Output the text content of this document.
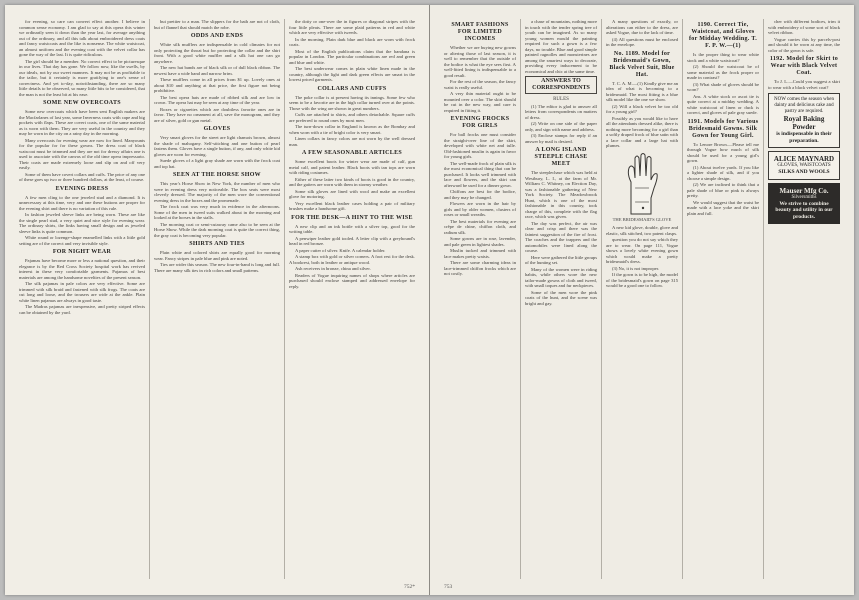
for evening, so care can convert effect another. I believe in common sense economy. I am glad to say at this opera this winter we ordinarily seen it down than the year last, for average anything out of the ordinary, and all this talk about embroidered dress coats and fancy waistcoats and the like is nonsense. The white waistcoat, an almost uniform and the evening coat with the velvet collar has gone the way of the last. It is quite ridiculous.

The girl should be a member. No correct effect to be picturesque in our lives. That day has gone. We follow now, like the swells, by our ideals, not by our sweet manners. It may not be as profitable to the tailor, but it certainly is more gratifying to one's sense of correctness. And yet to-day, notwithstanding, there are so many little details to be observed, so many little bits to be considered, that the man is not the least bit at his ease.

SOME NEW OVERCOATS

Some new overcoats which have been sent English makers are the Macfarlanes of last year, some Inverness coats with cape and big pockets with flaps. These are covert coats, one of the same material as is worn with them. They are very useful in the country and they may be worn in the city on a rainy day in the morning.

Many overcoats for evening wear are now for lined. Manyounts for the popular for for these gowns. The dress coat of black waiscoat must be trimmed and they are not for dressy affairs one is used to associate with the canvas of the old time opera impressario. Their coats are made extremely loose and slip on and off very easily.

Some of them have covert collars and cuffs. The price of any one of these goes up two or three hundred dollars, at the least, of course.

EVENING DRESS

A few men cling to the one jeweled stud and a diamond. It is unnecessary at this time, very and one these buttons are proper for the evening shirt and there is no variation of this rule.

In fashion jeweled sleeve links are being worn. These are like the single pearl stud, a very quiet and nice style for evening wear. The ordinary shirts, the links having small design and as jeweled sleeve links is quite common.

White round or lozenge-shape enamelled links with a little gold setting are of the correct and very invisible style.

FOR NIGHT WEAR

Pajamas have become more or less a national question, and their elegance is by the Red Cross Society hospital work has revived interest in these very comfortable garments. Pajamas of best materials are among the handsome novelties of the present season.

The silk pajamas in pale colors are very effective. Some are trimmed with silk braid and fastened with silk frogs. The coats are cut long and loose, and the trousers are wide at the ankle. Plain white linen pajamas are always in good taste.

The Madras pajamas are inexpensive, and pretty striped effects can be obtained by the yard.

but prettier to a man. The slippers for the bath are not of cloth, but of flannel that should match the robe.

ODDS AND ENDS

White silk mufflers are indispensable in cold climates for not only protecting the throat but for protecting the collar and the shirt front. With a good white muffler and a silk hat one can go anywhere.

The new hat bands are of black silk or of dull black ribbon. The newest have a wide band and narrow brim.

These mufflers come in all prices from $1 up. Lovely ones at about $10 and anything at that price, the first figure not being prohibitive.

The best opera hats are made of ribbed silk and are low in crown. The opera hat may be seen at any time of the year.

Boxes or cigarettes which are doubtless favorite ones are in favor. They have no ornament at all, save the monogram, and they are of silver, gold or gun metal.

GLOVES

Very smart gloves for the street are light chamois brown, almost the shade of mahogany. Self-stitching and one button of pearl fastens them. Gloves have a single button, if any, and only white kid gloves are worn for evening.

Suede gloves of a light gray shade are worn with the frock coat and top hat.

SEEN AT THE HORSE SHOW

This year's Horse Show in New York, the number of men who were in evening dress very noticeable. The box seats were most cleverly dressed. The majority of the men wore the conventional evening dress in the boxes and the promenade.

The frock coat was very much in evidence in the afternoons. Some of the men in tweed suits walked about in the morning and looked at the horses in the stalls.

The morning coat or semi-cutaway came also to be seen at the Horse Show. While the dark morning coat is quite the correct thing, the gray coat is becoming very popular.

SHIRTS AND TIES

Plain white and colored shirts are equally good for morning wear. Fancy stripes in pale blue and pink are noted.

Ties are wider this season. The new four-in-hand is long and full. There are many silk ties in rich colors and small patterns.

the dotty or one-over the in figures or diagonal stripes with the four little pleats. There are some plaid patterns in red and white which are very effective with tweeds.

In the morning. Plain dark blue and black are worn with frock coats.

Most of the English publications claim that the bandana is popular in London. The particular combinations are red and green and blue and white.

The best underwear comes in plain white linen made in the country, although the light and dark green effects are smart in the lowest priced garments.

COLLARS AND CUFFS

The poke collar is at present having its innings. Some few who seem to be a favorite are in the high collar turned over at the points. Those with the wing are shown in great numbers.

Cuffs are attached to shirts, and others detachable. Square cuffs are preferred to round ones by most men.

The turn-down collar in England is known as the Bombay and when worn with a tie of bright color is very smart.

Linen collars in fancy colors are not worn by the well dressed man.

A FEW SEASONABLE ARTICLES

Some excellent boots for winter wear are made of calf, gun metal calf, and patent leather. Black boots with tan tops are worn with riding costumes.

Either of these latter two kinds of boots is good in the country, and the gaiters are worn with them in stormy weather.

Some silk gloves are lined with wool and make an excellent glove for motoring.

Very excellent black leather cases holding a pair of military brushes make a handsome gift.

FOR THE DESK—A HINT TO THE WISE

A new clip and an ink bottle with a silver top, good for the writing table.

A penwiper leather gold tooled. A letter clip with a greyhound's head in red bronze.

A paper cutter of silver. Knife. A calendar holder.

A stamp box with gold or silver corners. A foot rest for the desk. A bookrest, both in leather or antique wood.

Ash receivers in bronze, china and silver.

Readers of Vogue inquiring names of shops where articles are purchased should enclose stamped and addressed envelope for reply.

752*
SMART FASHIONS FOR LIMITED INCOMES

Whether we are buying new gowns or altering those of last season, it is well to remember that the outside of the bodice is what the eye sees first. A well-fitted lining is indispensable to a good result.

For the rest of the season, the fancy waist is really useful.

A very thin material ought to be mounted over a color. The skirt should be cut in the new way, and care is required in fitting it.

EVENING FROCKS FOR GIRLS

For ball frocks one must consider the straight-over line of the skirt, developed with white net and tulle. Old-fashioned muslin is again in favor for young girls.

The well-made frock of plain silk is the most economical thing that can be purchased. It looks well trimmed with lace and flowers, and the skirt can afterward be used for a dinner gown.

Chiffons are best for the bodice, and they may be changed.

Flowers are worn in the hair by girls and by older women, clusters of roses or small wreaths.

The best materials for evening are crêpe de chine, chiffon cloth, and radium silk.

Some gowns are in rose, lavender, and pale green in lightest shades.

Muslin tucked and trimmed with lace makes pretty waists.

There are some charming ideas in lace-trimmed chiffon frocks which are not costly.

a chase of mountains, nothing more in touch with the tender spring tree of youth can be imagined. As so many young women mould the painting required for such a gown is a few days, no trouble. Blue and good simple painted ragnolles and monsterines are among the smartest ways to decorate, providing every inducement to be economical and chic at the same time.

ANSWERS TO CORRESPONDENTS
RULES

(1) The editor is glad to answer all letters from correspondents on matters of dress.

(2) Write on one side of the paper only, and sign with name and address.

(3) Enclose stamps for reply if an answer by mail is desired.

A LONG ISLAND STEEPLE CHASE MEET

The steeplechase which was held at Westbury, L. I., at the farm of Mr. William C. Whitney, on Election Day, was a fashionable gathering of New York Society. The Meadowbrook Hunt, which is one of the most fashionable in this country, took charge of this, complete with the flag race, which was given.

The day was perfect, the air was clear and crisp and there was the faintest suggestion of the fire of frost. The coaches and the trappers and the automobiles were lined along the course.

Here were gathered the little groups of the hunting set.

Many of the women were in riding habits, while others wore the new tailor-made gowns of cloth and tweed, with small toques and fur neckpieces.

Some of the men wore the pink coats of the hunt, and the scene was bright and gay.

A many questions of exactly, or alterations can either to the dress, are asked Vogue, due to the lack of time.

(4) All questions must be enclosed in the envelope.

No. 1189. Model for Bridesmaid's Gown, Black Velvet Suit, Blue Hat.

T. C. A. M.—(1) Kindly give me an idea of what is becoming to a bridesmaid. The most fitting is a blue silk model like the one we show.

(2) Will a black velvet be too old for a young girl?

Possibly as you would like to have all the attendants dressed alike, there is nothing more becoming for a girl than a softly draped frock of blue satin with a lace collar and a large hat with plumes.

THE BRIDESMAID'S GLOVE

A new kid glove, double, glove and elastic, silk stitched, two patent clasps.

question you do not say which they are to wear. On page 111, Vogue shows a lovely white evening gown which would make a pretty bridesmaid's dress.

(3) No, it is not improper.

If the gown is to be high, the model of the bridesmaid's gown on page 315 would be a good one to follow.

1190. Correct Tie, Waistcoat, and Gloves for Midday Wedding. T. F. P. W.—(1)

Is the proper thing to wear white stock and a white waistcoat?

(2) Should the waistcoat be of some material as the frock proper or made in contrast?

(3) What shade of gloves should be worn?

Ans. A white stock or ascot tie is quite correct at a midday wedding. A white waistcoat of linen or duck is correct, and gloves of pale gray suede.

1191. Models for Various Bridesmaid Gowns. Silk Gown for Young Girl.

To Lenore Brown.—Please tell me through Vogue how much of silk should be used for a young girl's gown.

(1) About twelve yards. If you like a lighter shade of silk, and if you choose a simple design.

(2) We are inclined to think that a pale shade of blue or pink is always pretty.

We would suggest that the waist be made with a lace yoke and the skirt plain and full.

cher with different bodices, trim it with embroidery of some sort of black velvet ribbon.

Vogue carries this by parcels-post and should it be worn at any time, the color of the gown is safe.

1192. Model for Skirt to Wear with Black Velvet Coat.

To J. L.—Could you suggest a skirt to wear with a black velvet coat?

NOW comes the season when dainty and delicious cake and pastry are required.
Royal Baking Powder
is indispensable in their preparation.
ALICE MAYNARD
GLOVES, WAISTCOATS
SILKS AND WOOLS
Mauser Mfg Co.
Silversmiths
We strive to combine beauty and utility in our products.
753
